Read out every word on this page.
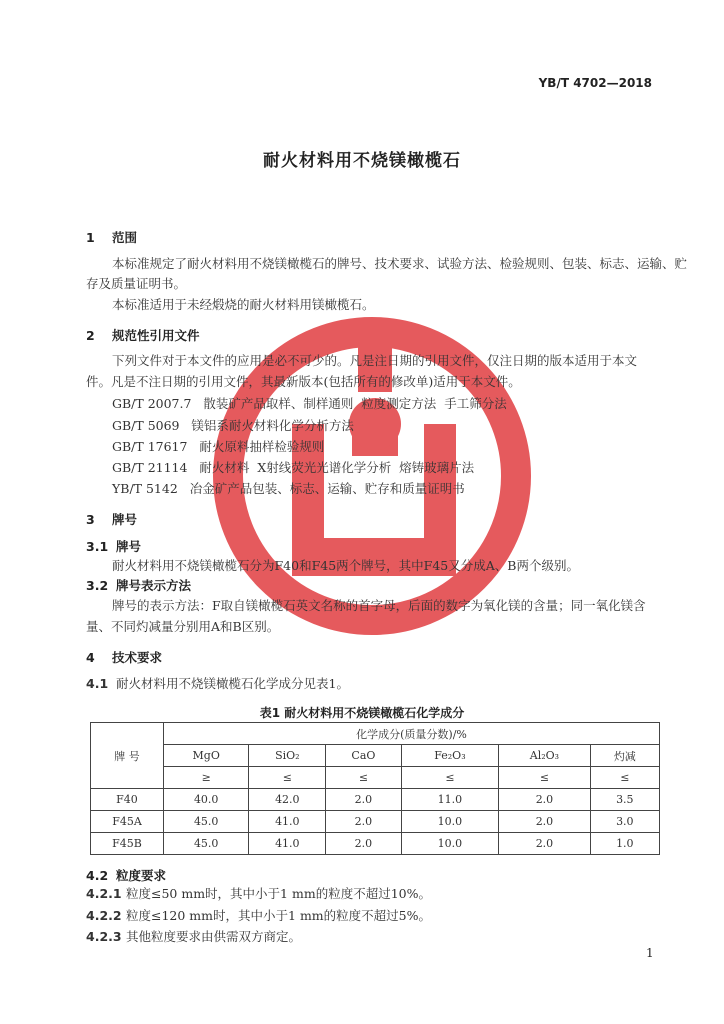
YB/T 4702—2018
耐火材料用不烧镁橄榄石
1 范围
本标准规定了耐火材料用不烧镁橄榄石的牌号、技术要求、试验方法、检验规则、包装、标志、运输、贮
存及质量证明书。
本标准适用于未经煅烧的耐火材料用镁橄榄石。
2 规范性引用文件
下列文件对于本文件的应用是必不可少的。凡是注日期的引用文件，仅注日期的版本适用于本文
件。凡是不注日期的引用文件，其最新版本(包括所有的修改单)适用于本文件。
GB/T 2007.7   散装矿产品取样、制样通则  粒度测定方法  手工筛分法
GB/T 5069   镁铝系耐火材料化学分析方法
GB/T 17617   耐火原料抽样检验规则
GB/T 21114   耐火材料  X射线荧光光谱化学分析  熔铸玻璃片法
YB/T 5142   冶金矿产品包装、标志、运输、贮存和质量证明书
3 牌号
3.1 牌号
耐火材料用不烧镁橄榄石分为F40和F45两个牌号，其中F45又分成A、B两个级别。
3.2 牌号表示方法
牌号的表示方法：F取自镁橄榄石英文名称的首字母，后面的数字为氧化镁的含量；同一氧化镁含
量、不同灼减量分别用A和B区别。
4 技术要求
4.1 耐火材料用不烧镁橄榄石化学成分见表1。
表1 耐火材料用不烧镁橄榄石化学成分
牌 号	化学成分(质量分数)/%					
	MgO	SiO₂	CaO	Fe₂O₃	Al₂O₃	灼减
	≥	≤	≤	≤	≤	≤
F40	40.0	42.0	2.0	11.0	2.0	3.5
F45A	45.0	41.0	2.0	10.0	2.0	3.0
F45B	45.0	41.0	2.0	10.0	2.0	1.0
4.2 粒度要求
4.2.1 粒度≤50 mm时，其中小于1 mm的粒度不超过10%。
4.2.2 粒度≤120 mm时，其中小于1 mm的粒度不超过5%。
4.2.3 其他粒度要求由供需双方商定。
1
